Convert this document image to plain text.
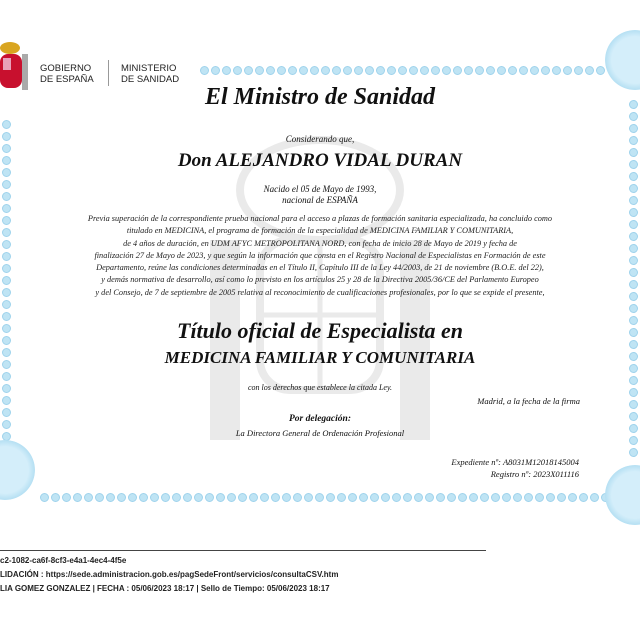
GOBIERNO
DE ESPAÑA
MINISTERIO
DE SANIDAD
El Ministro de Sanidad
Considerando que,
Don ALEJANDRO VIDAL DURAN
Nacido el 05 de Mayo de 1993,
nacional de ESPAÑA
Previa superación de la correspondiente prueba nacional para el acceso a plazas de formación sanitaria especializada, ha concluido como
titulado en MEDICINA, el programa de formación de la especialidad de MEDICINA FAMILIAR Y COMUNITARIA,
de 4 años de duración, en UDM AFYC METROPOLITANA NORD, con fecha de inicio 28 de Mayo de 2019 y fecha de
finalización 27 de Mayo de 2023, y que según la información que consta en el Registro Nacional de Especialistas en Formación de este
Departamento, reúne las condiciones determinadas en el Título II, Capítulo III de la Ley 44/2003, de 21 de noviembre (B.O.E. del 22),
y demás normativa de desarrollo, así como lo previsto en los artículos 25 y 28 de la Directiva 2005/36/CE del Parlamento Europeo
y del Consejo, de 7 de septiembre de 2005 relativa al reconocimiento de cualificaciones profesionales, por lo que se expide el presente,
Título oficial de Especialista en
MEDICINA FAMILIAR Y COMUNITARIA
con los derechos que establece la citada Ley.
Madrid, a la fecha de la firma
Por delegación:
La Directora General de Ordenación Profesional
Expediente nº: A8031M12018145004
Registro nº: 2023X011116
c2-1082-ca6f-8cf3-e4a1-4ec4-4f5e
LIDACIÓN : https://sede.administracion.gob.es/pagSedeFront/servicios/consultaCSV.htm
LIA GOMEZ GONZALEZ | FECHA : 05/06/2023 18:17 | Sello de Tiempo: 05/06/2023 18:17
